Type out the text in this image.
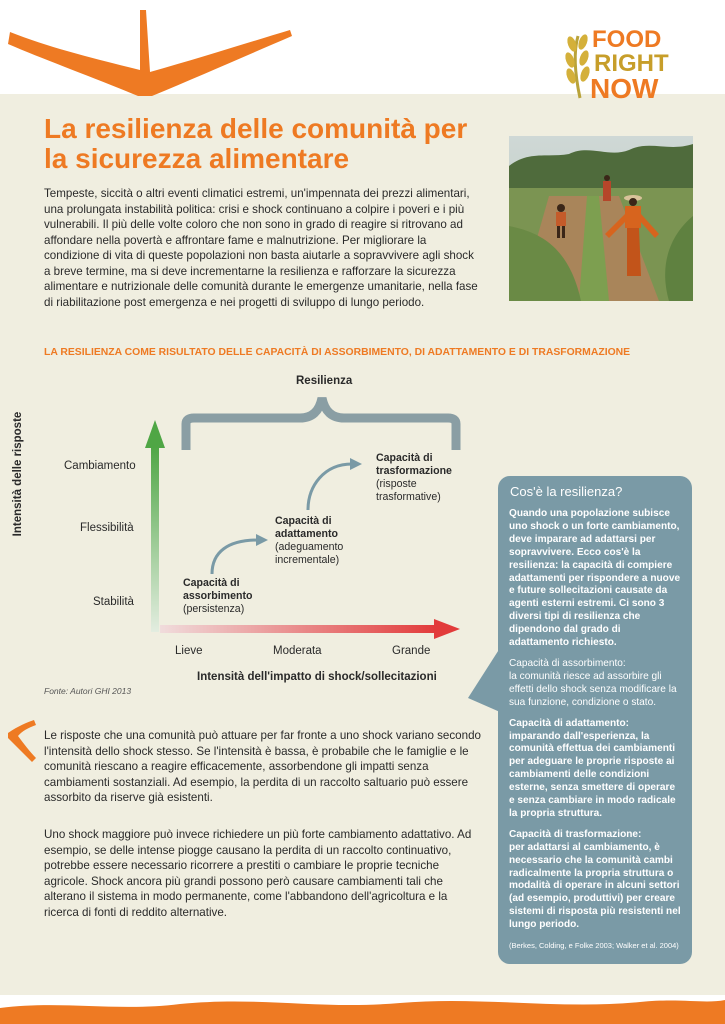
FOOD
RIGHT
NOW
La resilienza delle comunità per la sicurezza alimentare

Tempeste, siccità o altri eventi climatici estremi, un'impennata dei prezzi alimentari, una prolungata instabilità politica: crisi e shock continuano a colpire i poveri e i più vulnerabili. Il più delle volte coloro che non sono in grado di reagire si ritrovano ad affondare nella povertà e affrontare fame e malnutrizione. Per migliorare la condizione di vita di queste popolazioni non basta aiutarle a sopravvivere agli shock a breve termine, ma si deve incrementarne la resilienza e rafforzare la sicurezza alimentare e nutrizionale delle comunità durante le emergenze umanitarie, nella fase di riabilitazione post emergenza e nei progetti di sviluppo di lungo periodo.

LA RESILIENZA COME RISULTATO DELLE CAPACITÀ DI ASSORBIMENTO, DI ADATTAMENTO E DI TRASFORMAZIONE
Resilienza
Intensità delle risposte	Cambiamento
Flessibilità
Stabilità
Capacità di assorbimento
(persistenza)
Capacità di adattamento
(adeguamento incrementale)
Capacità di trasformazione
(risposte trasformative)
Lieve	Moderata	Grande
Intensità dell'impatto di shock/sollecitazioni
Fonte: Autori GHI 2013

Le risposte che una comunità può attuare per far fronte a uno shock variano secondo l'intensità dello shock stesso. Se l'intensità è bassa, è probabile che le famiglie e le comunità riescano a reagire efficacemente, assorbendone gli impatti senza cambiamenti sostanziali. Ad esempio, la perdita di un raccolto saltuario può essere assorbito da riserve già esistenti.

Uno shock maggiore può invece richiedere un più forte cambiamento adattativo. Ad esempio, se delle intense piogge causano la perdita di un raccolto continuativo, potrebbe essere necessario ricorrere a prestiti o cambiare le proprie tecniche agricole. Shock ancora più grandi possono però causare cambiamenti tali che alterano il sistema in modo permanente, come l'abbandono dell'agricoltura e la ricerca di fonti di reddito alternative.

Cos'è la resilienza?

Quando una popolazione subisce uno shock o un forte cambiamento, deve imparare ad adattarsi per sopravvivere. Ecco cos'è la resilienza: la capacità di compiere adattamenti per rispondere a nuove e future sollecitazioni causate da agenti esterni estremi. Ci sono 3 diversi tipi di resilienza che dipendono dal grado di adattamento richiesto.

Capacità di assorbimento:
la comunità riesce ad assorbire gli effetti dello shock senza modificare la sua funzione, condizione o stato.

Capacità di adattamento:
imparando dall'esperienza, la comunità effettua dei cambiamenti per adeguare le proprie risposte ai cambiamenti delle condizioni esterne, senza smettere di operare e senza cambiare in modo radicale la propria struttura.

Capacità di trasformazione:
per adattarsi al cambiamento, è necessario che la comunità cambi radicalmente la propria struttura o modalità di operare in alcuni settori (ad esempio, produttivi) per creare sistemi di risposta più resistenti nel lungo periodo.

(Berkes, Colding, e Folke 2003; Walker et al. 2004)
